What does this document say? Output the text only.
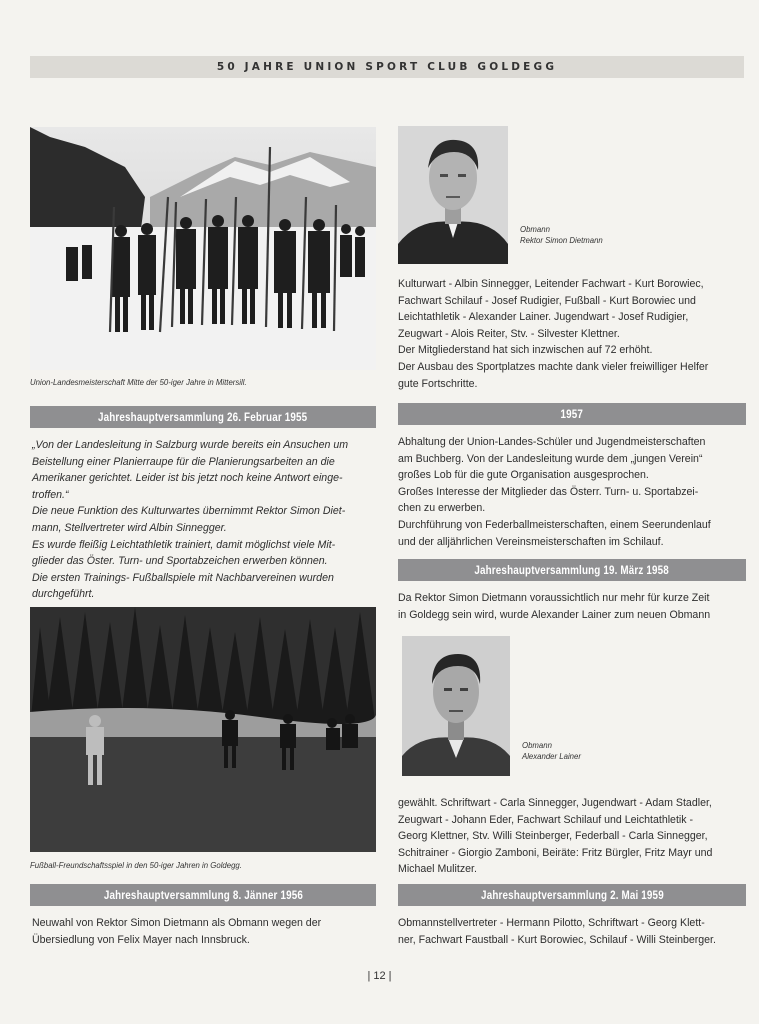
50 JAHRE UNION SPORT CLUB GOLDEGG
Union-Landesmeisterschaft Mitte der 50-iger Jahre in Mittersill.
Jahreshauptversammlung 26. Februar 1955

„Von der Landesleitung in Salzburg wurde bereits ein Ansuchen um

Beistellung einer Planierraupe für die Planierungsarbeiten an die

Amerikaner gerichtet. Leider ist bis jetzt noch keine Antwort einge-

troffen.“

Die neue Funktion des Kulturwartes übernimmt Rektor Simon Diet-

mann, Stellvertreter wird Albin Sinnegger.

Es wurde fleißig Leichtathletik trainiert, damit möglichst viele Mit-

glieder das Öster. Turn- und Sportabzeichen erwerben können.

Die ersten Trainings- Fußballspiele mit Nachbarvereinen wurden

durchgeführt.

Fußball-Freundschaftsspiel in den 50-iger Jahren in Goldegg.
Jahreshauptversammlung 8. Jänner 1956

Neuwahl von Rektor Simon Dietmann als Obmann wegen der

Übersiedlung von Felix Mayer nach Innsbruck.

Obmann
Rektor Simon Dietmann

Kulturwart - Albin Sinnegger, Leitender Fachwart - Kurt Borowiec,

Fachwart Schilauf - Josef Rudigier, Fußball - Kurt Borowiec und

Leichtathletik - Alexander Lainer. Jugendwart - Josef Rudigier,

Zeugwart - Alois Reiter, Stv. - Silvester Klettner.

Der Mitgliederstand hat sich inzwischen auf 72 erhöht.

Der Ausbau des Sportplatzes machte dank vieler freiwilliger Helfer

gute Fortschritte.

1957

Abhaltung der Union-Landes-Schüler und Jugendmeisterschaften

am Buchberg. Von der Landesleitung wurde dem „jungen Verein“

großes Lob für die gute Organisation ausgesprochen.

Großes Interesse der Mitglieder das Österr. Turn- u. Sportabzei-

chen zu erwerben.

Durchführung von Federballmeisterschaften, einem Seerundenlauf

und der alljährlichen Vereinsmeisterschaften im Schilauf.

Jahreshauptversammlung 19. März 1958

Da Rektor Simon Dietmann voraussichtlich nur mehr für kurze Zeit

in Goldegg sein wird, wurde Alexander Lainer zum neuen Obmann

Obmann
Alexander Lainer

gewählt. Schriftwart - Carla Sinnegger, Jugendwart - Adam Stadler,

Zeugwart - Johann Eder, Fachwart Schilauf und Leichtathletik -

Georg Klettner, Stv. Willi Steinberger, Federball - Carla Sinnegger,

Schitrainer - Giorgio Zamboni, Beiräte: Fritz Bürgler, Fritz Mayr und

Michael Mulitzer.

Jahreshauptversammlung 2. Mai 1959

Obmannstellvertreter - Hermann Pilotto, Schriftwart - Georg Klett-

ner, Fachwart Faustball - Kurt Borowiec, Schilauf - Willi Steinberger.

| 12 |
